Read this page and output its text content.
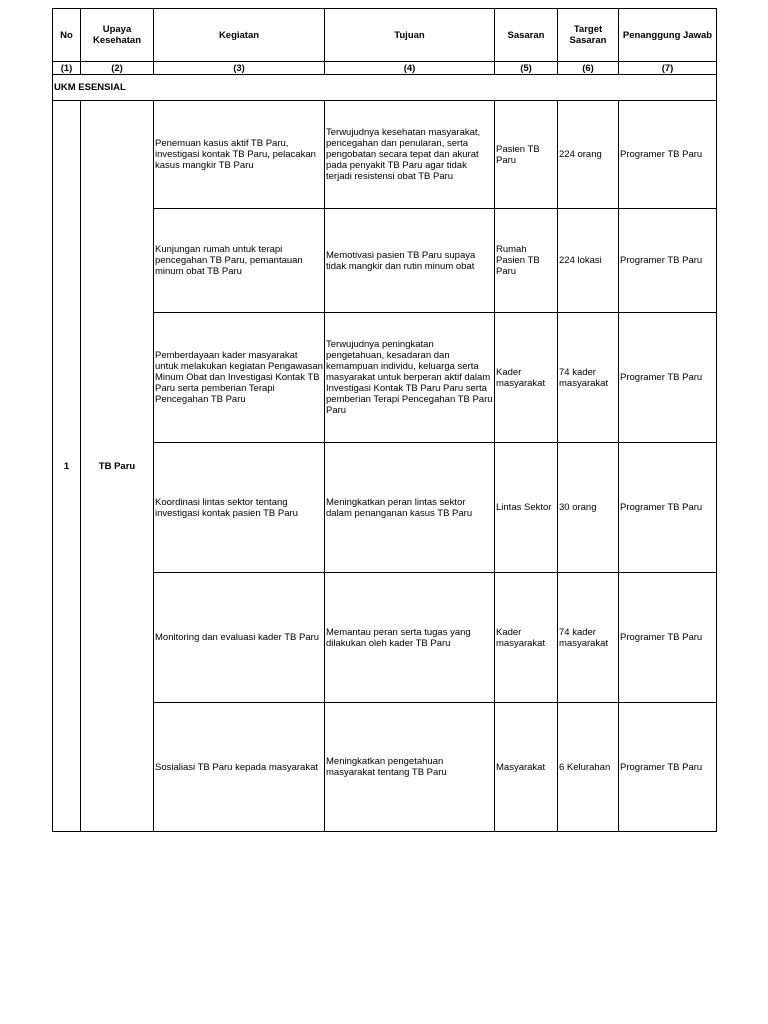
No	Upaya Kesehatan	Kegiatan	Tujuan	Sasaran	Target Sasaran	Penanggung Jawab
(1)	(2)	(3)	(4)	(5)	(6)	(7)
UKM ESENSIAL						
1	TB Paru	Penemuan kasus aktif TB Paru, investigasi kontak TB Paru, pelacakan kasus mangkir TB Paru	Terwujudnya kesehatan masyarakat, pencegahan dan penularan, serta pengobatan secara tepat dan akurat pada penyakit TB Paru agar tidak terjadi resistensi obat TB Paru	Pasien TB Paru	224 orang	Programer TB Paru
		Kunjungan rumah untuk terapi pencegahan TB Paru, pemantauan minum obat TB Paru	Memotivasi pasien TB Paru supaya tidak mangkir dan rutin minum obat	Rumah Pasien TB Paru	224 lokasi	Programer TB Paru
		Pemberdayaan kader masyarakat untuk melakukan kegiatan Pengawasan Minum Obat dan Investigasi Kontak TB Paru serta pemberian Terapi Pencegahan TB Paru	Terwujudnya peningkatan pengetahuan, kesadaran dan kemampuan individu, keluarga serta masyarakat untuk berperan aktif dalam Investigasi Kontak TB Paru Paru serta pemberian Terapi Pencegahan TB Paru Paru	Kader masyarakat	74 kader masyarakat	Programer TB Paru
		Koordinasi lintas sektor tentang investigasi kontak pasien TB Paru	Meningkatkan peran lintas sektor dalam penanganan kasus TB Paru	Lintas Sektor	30 orang	Programer TB Paru
		Monitoring dan evaluasi kader TB Paru	Memantau peran serta tugas yang dilakukan oleh kader TB Paru	Kader masyarakat	74 kader masyarakat	Programer TB Paru
		Sosialiasi TB Paru kepada masyarakat	Meningkatkan pengetahuan masyarakat tentang TB Paru	Masyarakat	6 Kelurahan	Programer TB Paru
